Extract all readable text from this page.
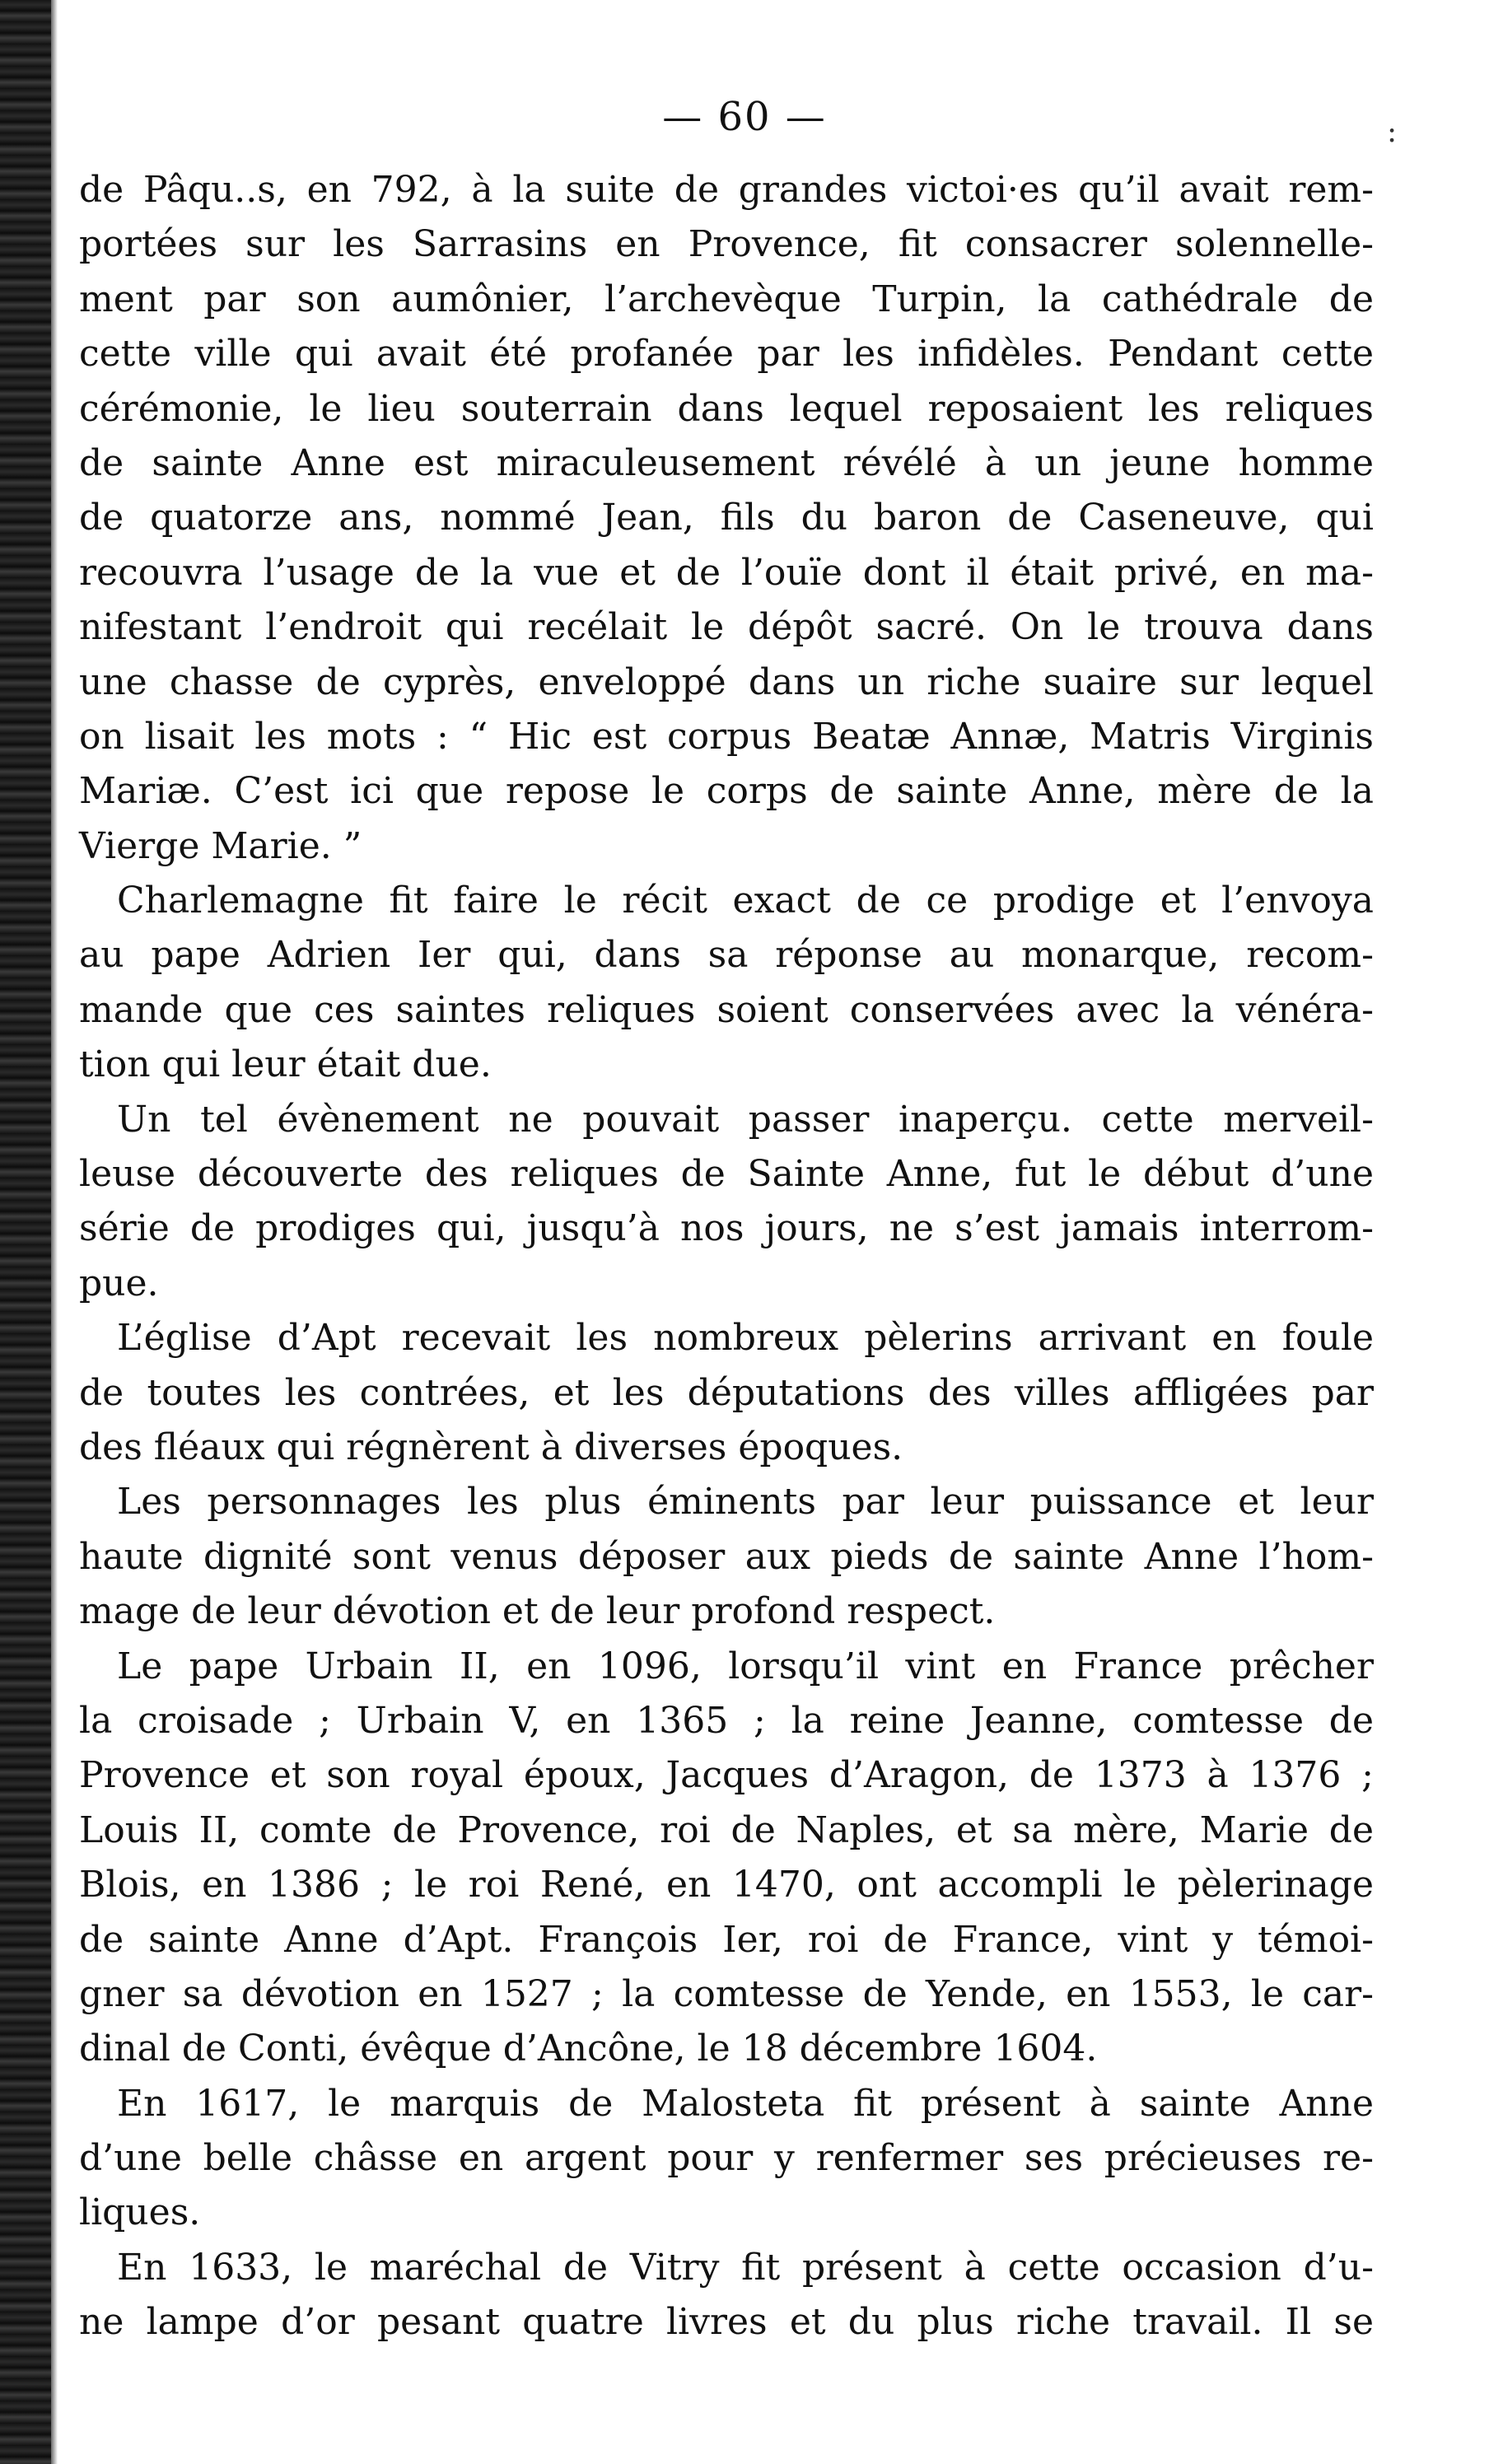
— 60 —
de Pâqu..s, en 792, à la suite de grandes victoi·es qu’il avait rem-
portées sur les Sarrasins en Provence, fit consacrer solennelle-
ment par son aumônier, l’archevèque Turpin, la cathédrale de
cette ville qui avait été profanée par les infidèles. Pendant cette
cérémonie, le lieu souterrain dans lequel reposaient les reliques
de sainte Anne est miraculeusement révélé à un jeune homme
de quatorze ans, nommé Jean, fils du baron de Caseneuve, qui
recouvra l’usage de la vue et de l’ouïe dont il était privé, en ma-
nifestant l’endroit qui recélait le dépôt sacré. On le trouva dans
une chasse de cyprès, enveloppé dans un riche suaire sur lequel
on lisait les mots : “ Hic est corpus Beatæ Annæ, Matris Virginis
Mariæ. C’est ici que repose le corps de sainte Anne, mère de la
Vierge Marie. ”
Charlemagne fit faire le récit exact de ce prodige et l’envoya
au pape Adrien Ier qui, dans sa réponse au monarque, recom-
mande que ces saintes reliques soient conservées avec la vénéra-
tion qui leur était due.
Un tel évènement ne pouvait passer inaperçu. cette merveil-
leuse découverte des reliques de Sainte Anne, fut le début d’une
série de prodiges qui, jusqu’à nos jours, ne s’est jamais interrom-
pue.
L’église d’Apt recevait les nombreux pèlerins arrivant en foule
de toutes les contrées, et les députations des villes affligées par
des fléaux qui régnèrent à diverses époques.
Les personnages les plus éminents par leur puissance et leur
haute dignité sont venus déposer aux pieds de sainte Anne l’hom-
mage de leur dévotion et de leur profond respect.
Le pape Urbain II, en 1096, lorsqu’il vint en France prêcher
la croisade ; Urbain V, en 1365 ; la reine Jeanne, comtesse de
Provence et son royal époux, Jacques d’Aragon, de 1373 à 1376 ;
Louis II, comte de Provence, roi de Naples, et sa mère, Marie de
Blois, en 1386 ; le roi René, en 1470, ont accompli le pèlerinage
de sainte Anne d’Apt. François Ier, roi de France, vint y témoi-
gner sa dévotion en 1527 ; la comtesse de Yende, en 1553, le car-
dinal de Conti, évêque d’Ancône, le 18 décembre 1604.
En 1617, le marquis de Malosteta fit présent à sainte Anne
d’une belle châsse en argent pour y renfermer ses précieuses re-
liques.
En 1633, le maréchal de Vitry fit présent à cette occasion d’u-
ne lampe d’or pesant quatre livres et du plus riche travail. Il se
:
